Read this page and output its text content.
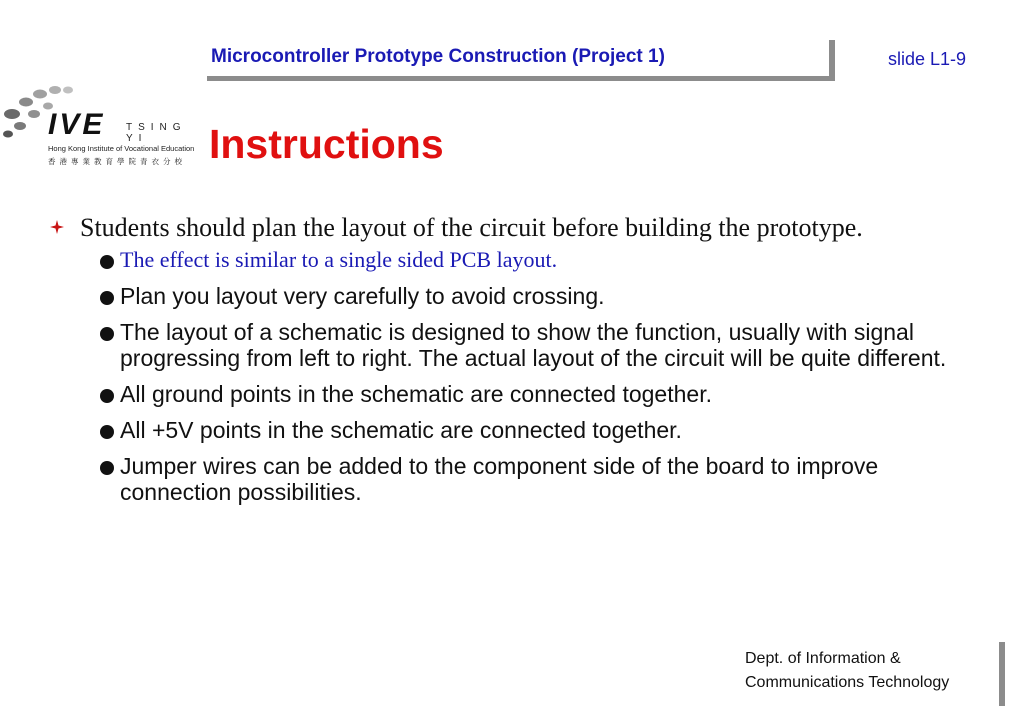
Microcontroller Prototype Construction (Project 1)	slide L1-9
IVE TSING YI
Hong Kong Institute of Vocational Education
香港專業教育學院青衣分校 Instructions
Students should plan the layout of the circuit before building the prototype.
The effect is similar to a single sided PCB layout.
Plan you layout very carefully to avoid crossing.
The layout of a schematic is designed to show the function, usually with signal progressing from left to right. The actual layout of the circuit will be quite different.
All ground points in the schematic are connected together.
All +5V points in the schematic are connected together.
Jumper wires can be added to the component side of the board to improve connection possibilities.
Dept. of Information &
Communications Technology
